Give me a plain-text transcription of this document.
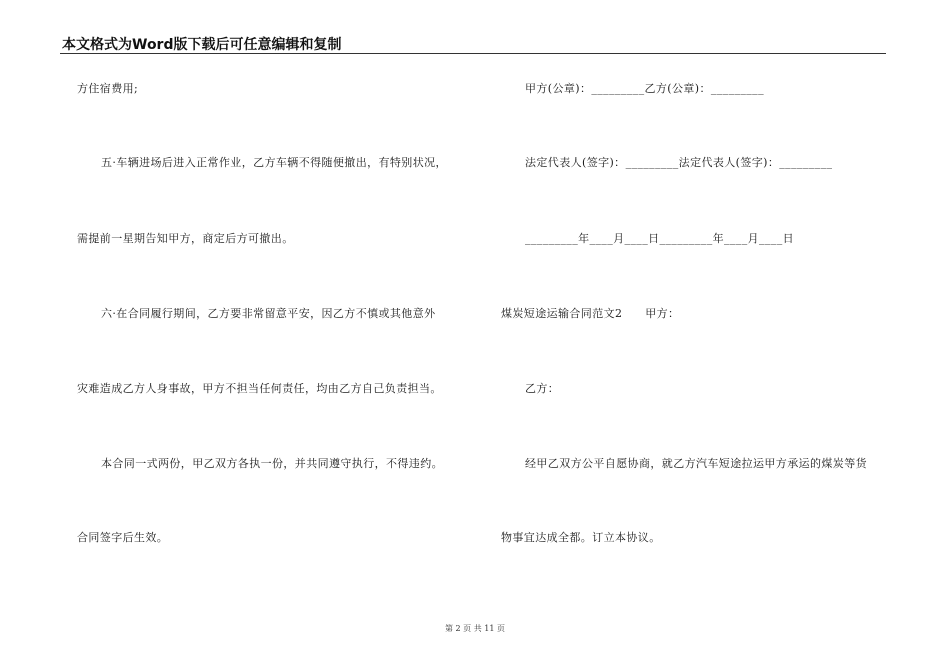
本文格式为Word版下载后可任意编辑和复制
方住宿费用;
五·车辆进场后进入正常作业，乙方车辆不得随便撤出，有特别状况，
需提前一星期告知甲方，商定后方可撤出。
六·在合同履行期间，乙方要非常留意平安，因乙方不慎或其他意外
灾难造成乙方人身事故，甲方不担当任何责任，均由乙方自己负责担当。
本合同一式两份，甲乙双方各执一份，并共同遵守执行，不得违约。
合同签字后生效。
甲方(公章)：_________乙方(公章)：_________
法定代表人(签字)：_________法定代表人(签字)：_________
_________年____月____日_________年____月____日
煤炭短途运输合同范文2　　甲方：
乙方：
经甲乙双方公平自愿协商，就乙方汽车短途拉运甲方承运的煤炭等货
物事宜达成全都。订立本协议。
第 2 页 共 11 页
